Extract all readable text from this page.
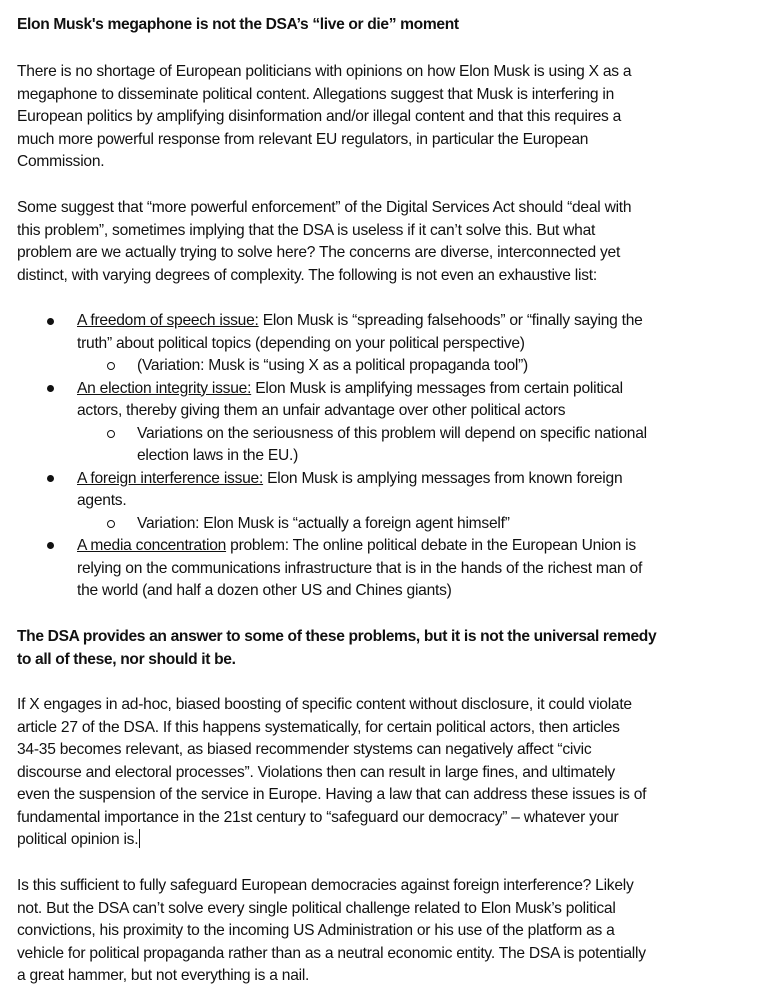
Elon Musk's megaphone is not the DSA’s “live or die” moment
There is no shortage of European politicians with opinions on how Elon Musk is using X as a
megaphone to disseminate political content. Allegations suggest that Musk is interfering in
European politics by amplifying disinformation and/or illegal content and that this requires a
much more powerful response from relevant EU regulators, in particular the European
Commission.
Some suggest that “more powerful enforcement” of the Digital Services Act should “deal with
this problem”, sometimes implying that the DSA is useless if it can’t solve this. But what
problem are we actually trying to solve here? The concerns are diverse, interconnected yet
distinct, with varying degrees of complexity. The following is not even an exhaustive list:
A freedom of speech issue: Elon Musk is “spreading falsehoods” or “finally saying the
truth” about political topics (depending on your political perspective)
(Variation: Musk is “using X as a political propaganda tool”)
An election integrity issue: Elon Musk is amplifying messages from certain political
actors, thereby giving them an unfair advantage over other political actors
Variations on the seriousness of this problem will depend on specific national
election laws in the EU.)
A foreign interference issue: Elon Musk is amplying messages from known foreign
agents.
Variation: Elon Musk is “actually a foreign agent himself”
A media concentration problem: The online political debate in the European Union is
relying on the communications infrastructure that is in the hands of the richest man of
the world (and half a dozen other US and Chines giants)
The DSA provides an answer to some of these problems, but it is not the universal remedy
to all of these, nor should it be.
If X engages in ad-hoc, biased boosting of specific content without disclosure, it could violate
article 27 of the DSA. If this happens systematically, for certain political actors, then articles
34-35 becomes relevant, as biased recommender stystems can negatively affect “civic
discourse and electoral processes”. Violations then can result in large fines, and ultimately
even the suspension of the service in Europe. Having a law that can address these issues is of
fundamental importance in the 21st century to “safeguard our democracy” – whatever your
political opinion is.
Is this sufficient to fully safeguard European democracies against foreign interference? Likely
not. But the DSA can’t solve every single political challenge related to Elon Musk’s political
convictions, his proximity to the incoming US Administration or his use of the platform as a
vehicle for political propaganda rather than as a neutral economic entity. The DSA is potentially
a great hammer, but not everything is a nail.
